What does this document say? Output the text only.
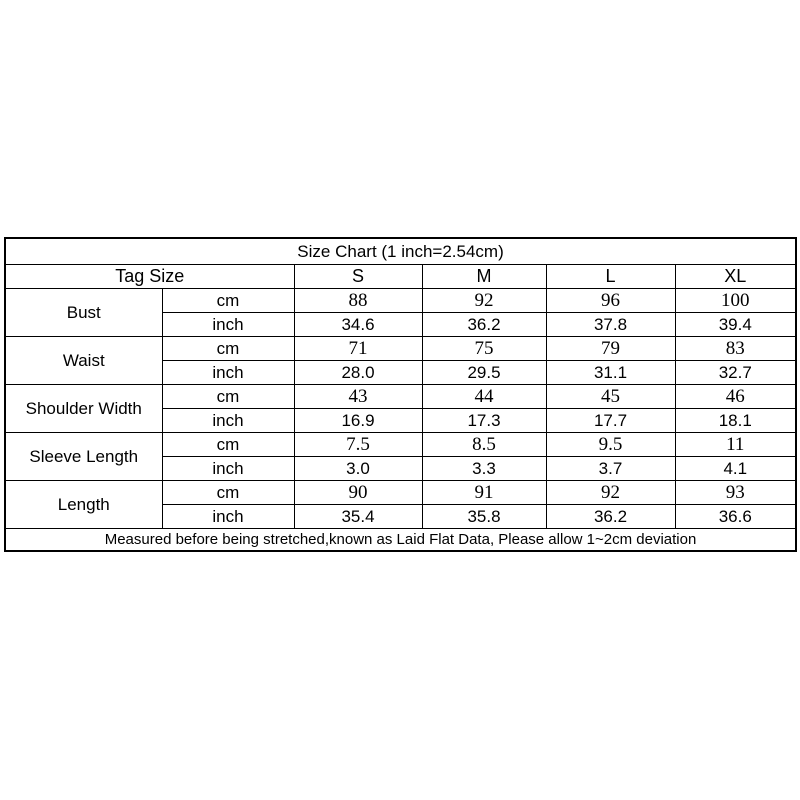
Size Chart (1 inch=2.54cm)					
Tag Size		S	M	L	XL
Bust	cm	88	92	96	100
	inch	34.6	36.2	37.8	39.4
Waist	cm	71	75	79	83
	inch	28.0	29.5	31.1	32.7
Shoulder Width	cm	43	44	45	46
	inch	16.9	17.3	17.7	18.1
Sleeve Length	cm	7.5	8.5	9.5	11
	inch	3.0	3.3	3.7	4.1
Length	cm	90	91	92	93
	inch	35.4	35.8	36.2	36.6
Measured before being stretched,known as Laid Flat Data, Please allow 1~2cm deviation					
